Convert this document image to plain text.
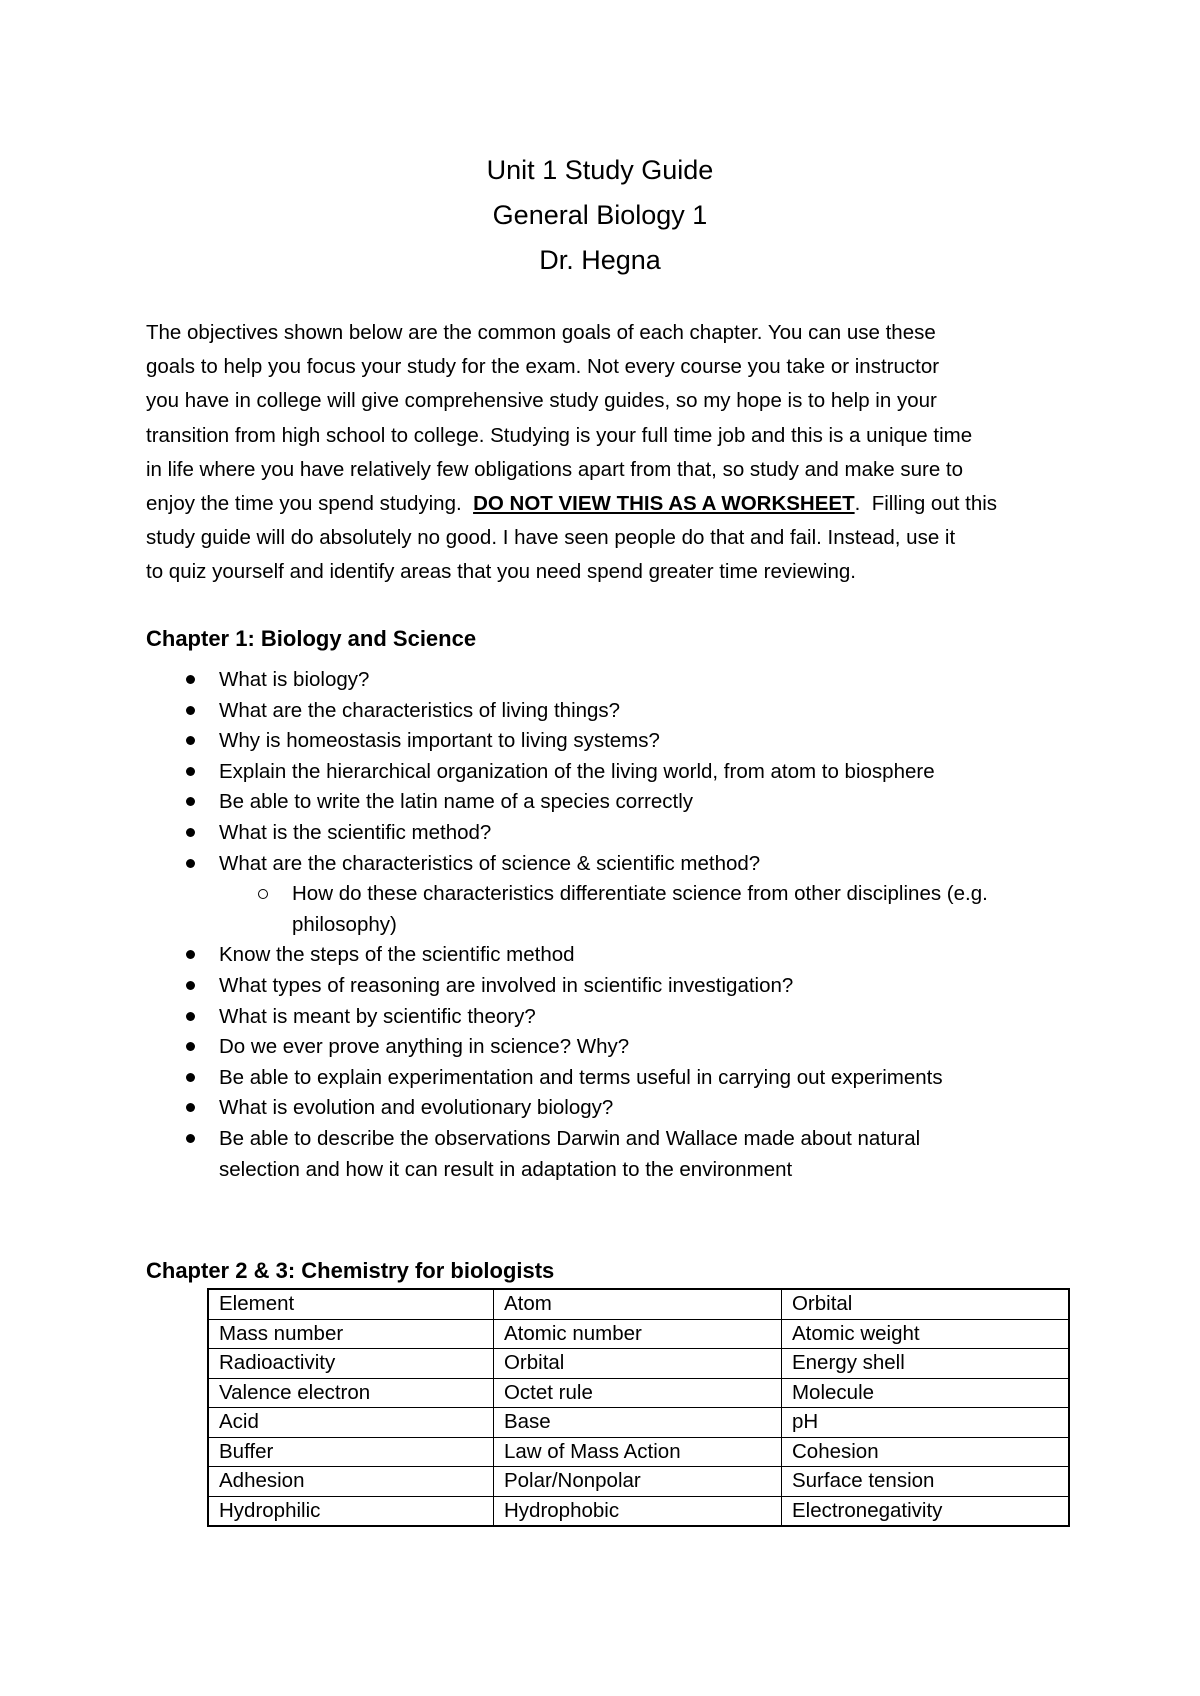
Unit 1 Study Guide
General Biology 1
Dr. Hegna
The objectives shown below are the common goals of each chapter. You can use these
goals to help you focus your study for the exam. Not every course you take or instructor
you have in college will give comprehensive study guides, so my hope is to help in your
transition from high school to college. Studying is your full time job and this is a unique time
in life where you have relatively few obligations apart from that, so study and make sure to
enjoy the time you spend studying.  DO NOT VIEW THIS AS A WORKSHEET.  Filling out this
study guide will do absolutely no good. I have seen people do that and fail. Instead, use it
to quiz yourself and identify areas that you need spend greater time reviewing.
Chapter 1: Biology and Science
What is biology?
What are the characteristics of living things?
Why is homeostasis important to living systems?
Explain the hierarchical organization of the living world, from atom to biosphere
Be able to write the latin name of a species correctly
What is the scientific method?
What are the characteristics of science & scientific method?
How do these characteristics differentiate science from other disciplines (e.g.
philosophy)
Know the steps of the scientific method
What types of reasoning are involved in scientific investigation?
What is meant by scientific theory?
Do we ever prove anything in science? Why?
Be able to explain experimentation and terms useful in carrying out experiments
What is evolution and evolutionary biology?
Be able to describe the observations Darwin and Wallace made about natural
selection and how it can result in adaptation to the environment
Chapter 2 & 3: Chemistry for biologists
Element	Atom	Orbital
Mass number	Atomic number	Atomic weight
Radioactivity	Orbital	Energy shell
Valence electron	Octet rule	Molecule
Acid	Base	pH
Buffer	Law of Mass Action	Cohesion
Adhesion	Polar/Nonpolar	Surface tension
Hydrophilic	Hydrophobic	Electronegativity
